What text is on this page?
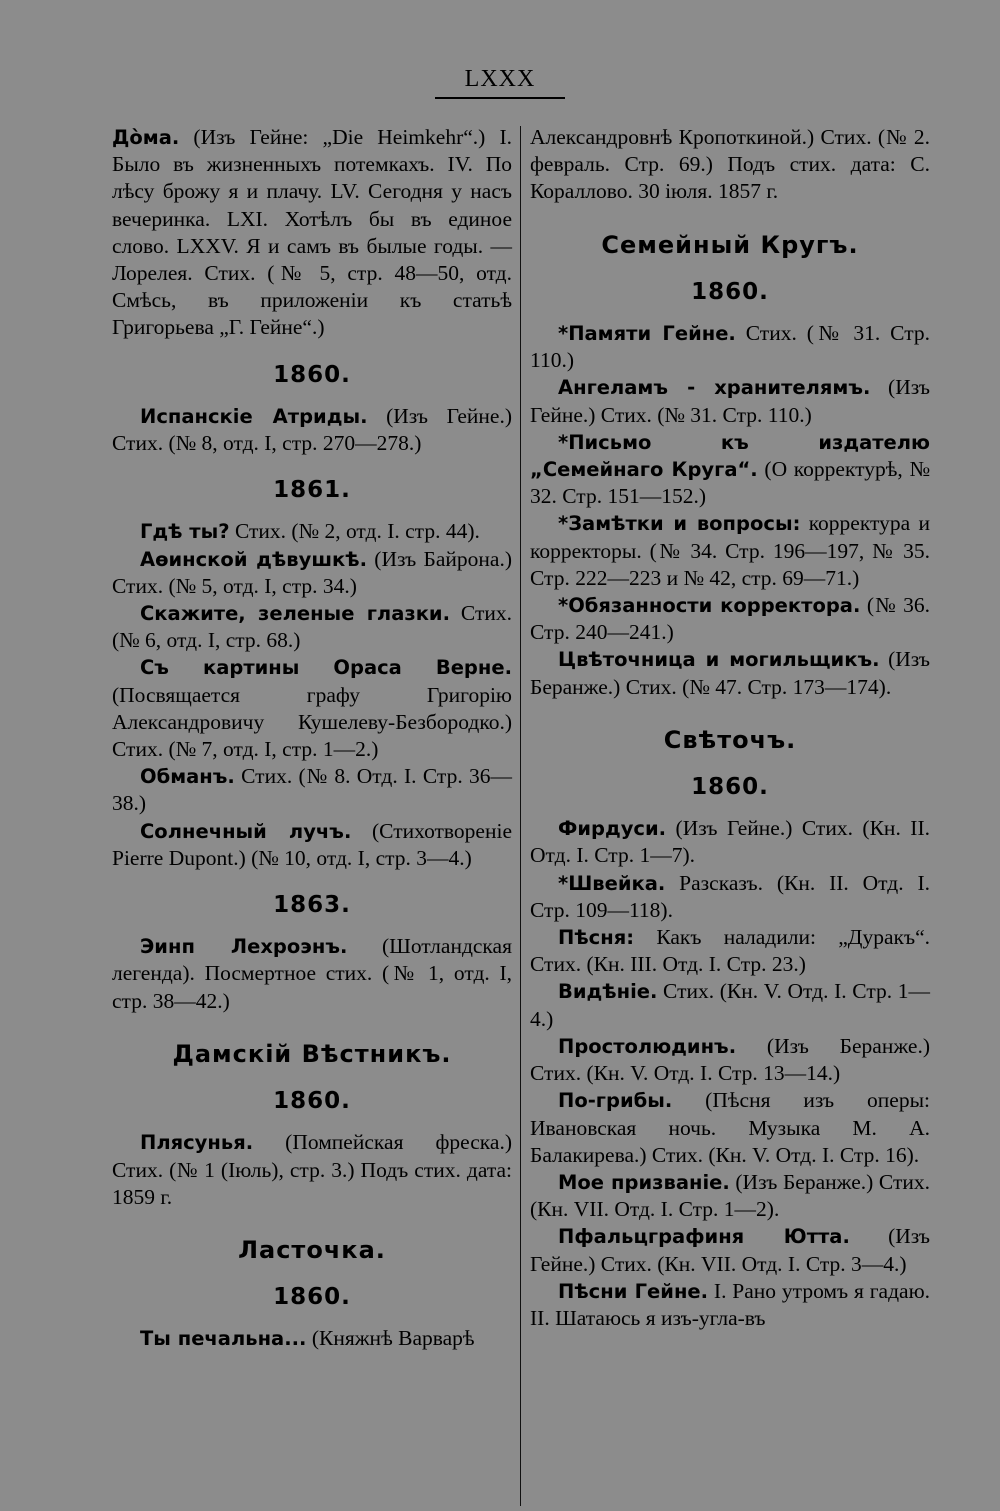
LXXX

Дòма. (Изъ Гейне: „Die Heimkehr“.) I. Было въ жизненныхъ потемкахъ. IV. По лѣсу брожу я и плачу. LV. Сегодня у насъ вечеринка. LXI. Хотѣлъ бы въ единое слово. LXXV. Я и самъ въ былые годы. — Лорелея. Стих. (№ 5, стр. 48—50, отд. Смѣсь, въ приложеніи къ статьѣ Григорьева „Г. Гейне“.)

1860.

Испанскіе Атриды. (Изъ Гейне.) Стих. (№ 8, отд. I, стр. 270—278.)

1861.

Гдѣ ты? Стих. (№ 2, отд. I. стр. 44).

Аѳинской дѣвушкѣ. (Изъ Байрона.) Стих. (№ 5, отд. I, стр. 34.)

Скажите, зеленые глазки. Стих. (№ 6, отд. I, стр. 68.)

Съ картины Ораса Верне. (Посвящается графу Григорію Александровичу Кушелеву-Безбородко.) Стих. (№ 7, отд. I, стр. 1—2.)

Обманъ. Стих. (№ 8. Отд. I. Стр. 36—38.)

Солнечный лучъ. (Стихотвореніе Pierre Dupont.) (№ 10, отд. I, стр. 3—4.)

1863.

Эинп Лехроэнъ. (Шотландская легенда). Посмертное стих. (№ 1, отд. I, стр. 38—42.)

Дамскій Вѣстникъ.

1860.

Плясунья. (Помпейская фреска.) Стих. (№ 1 (Іюль), стр. 3.) Подъ стих. дата: 1859 г.

Ласточка.

1860.

Ты печальна... (Княжнѣ Варварѣ

Александровнѣ Кропоткиной.) Стих. (№ 2. февраль. Стр. 69.) Подъ стих. дата: С. Кораллово. 30 іюля. 1857 г.

Семейный Кругъ.

1860.

*Памяти Гейне. Стих. (№ 31. Стр. 110.)

Ангеламъ - хранителямъ. (Изъ Гейне.) Стих. (№ 31. Стр. 110.)

*Письмо къ издателю „Семейнаго Круга“. (О корректурѣ, № 32. Стр. 151—152.)

*Замѣтки и вопросы: корректура и корректоры. (№ 34. Стр. 196—197, № 35. Стр. 222—223 и № 42, стр. 69—71.)

*Обязанности корректора. (№ 36. Стр. 240—241.)

Цвѣточница и могильщикъ. (Изъ Беранже.) Стих. (№ 47. Стр. 173—174).

Свѣточъ.

1860.

Фирдуси. (Изъ Гейне.) Стих. (Кн. II. Отд. I. Стр. 1—7).

*Швейка. Разсказъ. (Кн. II. Отд. I. Стр. 109—118).

Пѣсня: Какъ наладили: „Дуракъ“. Стих. (Кн. III. Отд. I. Стр. 23.)

Видѣніе. Стих. (Кн. V. Отд. I. Стр. 1—4.)

Простолюдинъ. (Изъ Беранже.) Стих. (Кн. V. Отд. I. Стр. 13—14.)

По-грибы. (Пѣсня изъ оперы: Ивановская ночь. Музыка М. А. Балакирева.) Стих. (Кн. V. Отд. I. Стр. 16).

Мое призваніе. (Изъ Беранже.) Стих. (Кн. VII. Отд. I. Стр. 1—2).

Пфальцграфиня Ютта. (Изъ Гейне.) Стих. (Кн. VII. Отд. I. Стр. 3—4.)

Пѣсни Гейне. I. Рано утромъ я гадаю. II. Шатаюсь я изъ-угла-въ
